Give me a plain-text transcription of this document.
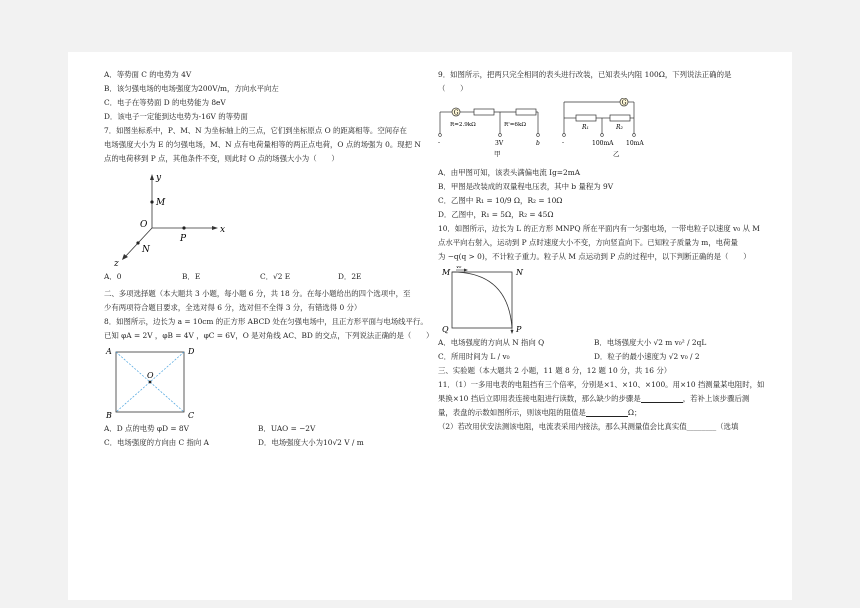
A．等势面 C 的电势为 4V
B．该匀强电场的电场强度为200V/m，方向水平向左
C．电子在等势面 D 的电势能为 8eV
D．该电子一定能到达电势为-16V 的等势面
7．如图坐标系中，P、M、N 为坐标轴上的三点，它们到坐标原点 O 的距离相等。空间存在
电场强度大小为 E 的匀强电场，M、N 点有电荷量相等的两正点电荷，O 点的场强为 0。现把 N
点的电荷移到 P 点，其他条件不变，则此时 O 点的场强大小为（　　）
y
M
O
P
x
N
z
A．0	B．E	C．√2 E	D．2E
二、多项选择题（本大题共 3 小题，每小题 6 分，共 18 分。在每小题给出的四个选项中，至
少有两项符合题目要求，全选对得 6 分，选对但不全得 3 分，有错选得 0 分）
8．如图所示，边长为 a = 10cm 的正方形 ABCD 处在匀强电场中，且正方形平面与电场线平行。
已知 φA = 2V ，φB = 4V ，φC = 6V，O 是对角线 AC、BD 的交点，下列说法正确的是（　　）
A	D
O
B	C
A．D 点的电势 φD = 8V	B．UAO = −2V
C．电场强度的方向由 C 指向 A	D．电场强度大小为10√2 V / m
9．如图所示，把两只完全相同的表头进行改装，已知表头内阻 100Ω，下列说法正确的是
（　　）
G
R=2.9kΩ	R'=6kΩ
-	3V	b
甲
G
R₁	R₂
-	100mA 10mA
乙
A．由甲图可知，该表头满偏电流 Ig=2mA
B．甲图是改装成的双量程电压表，其中 b 量程为 9V
C．乙图中 R₁ = 10/9 Ω，R₂ = 10Ω
D．乙图中，R₁ = 5Ω，R₂ = 45Ω
10．如图所示，边长为 L 的正方形 MNPQ 所在平面内有一匀强电场，一带电粒子以速度 v₀ 从 M
点水平向右射入，运动到 P 点时速度大小不变，方向竖直向下。已知粒子质量为 m，电荷量
为 −q(q > 0)，不计粒子重力。粒子从 M 点运动到 P 点的过程中，以下判断正确的是（　　）
M
v₀
N
Q	P
A．电场强度的方向从 N 指向 Q	B．电场强度大小 √2 m v₀² / 2qL
C．所用时间为 L / v₀	D．粒子的最小速度为 √2 v₀ / 2
三、实验题（本大题共 2 小题，11 题 8 分，12 题 10 分，共 16 分）
11．（1）一多用电表的电阻挡有三个倍率，分别是×1、×10、×100。用×10 挡测量某电阻时，如
果换×10 挡后立即用表连接电阻进行读数，那么缺少的步骤是	，若补上该步骤后测
量，表盘的示数如图所示，则该电阻的阻值是	Ω；
（2）若改用伏安法测该电阻，电流表采用内接法，那么其测量值会比真实值________（选填
